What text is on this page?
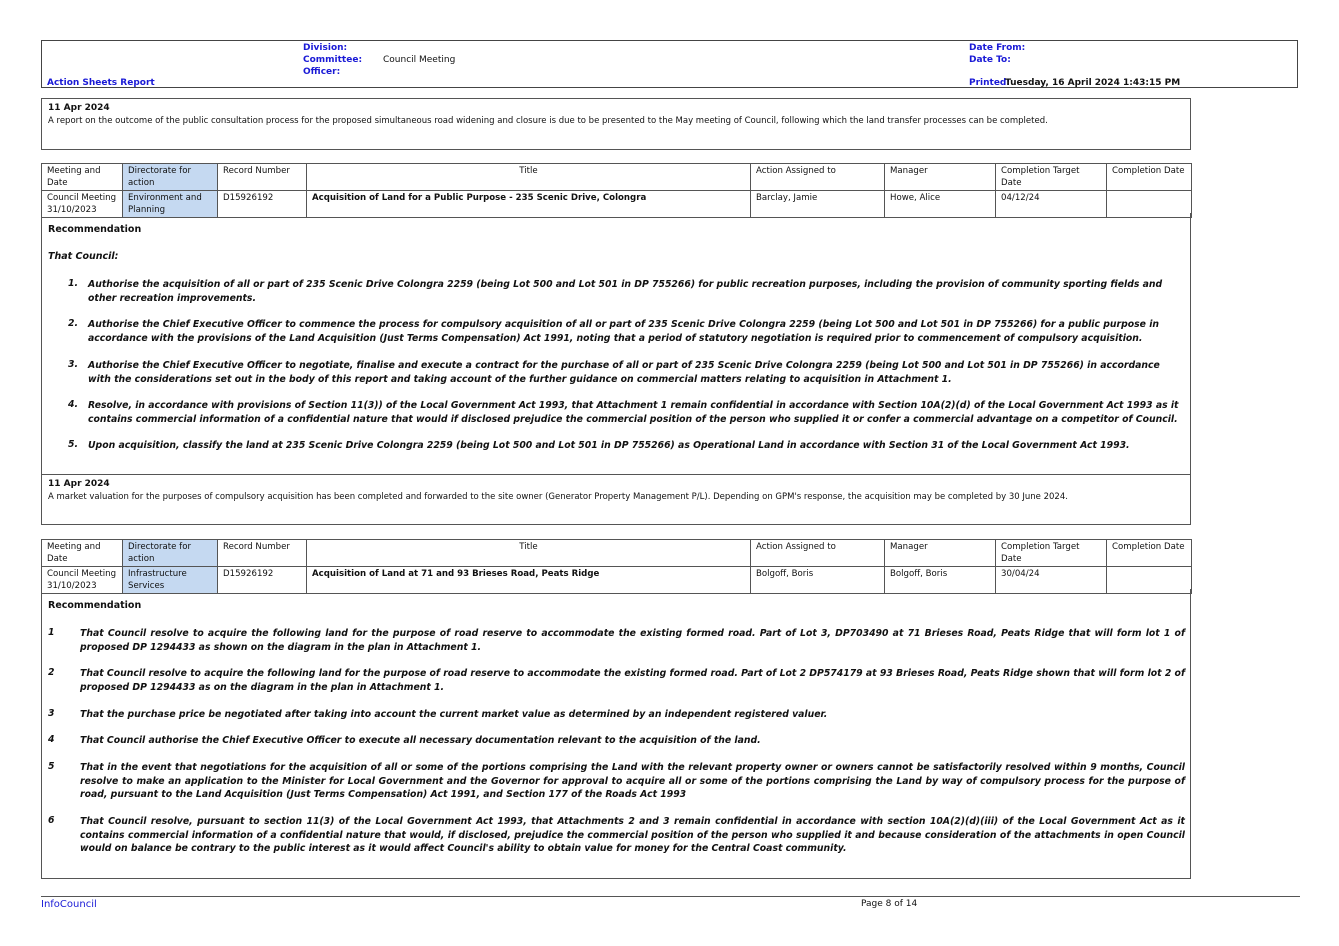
Division:
Committee: Council Meeting
Officer:
Action Sheets Report
Date From:
Date To:
Printed:
Tuesday, 16 April 2024 1:43:15 PM
11 Apr 2024
A report on the outcome of the public consultation process for the proposed simultaneous road widening and closure is due to be presented to the May meeting of Council, following which the land transfer processes can be completed.
Meeting and Date	Directorate for action	Record Number	Title	Action Assigned to	Manager	Completion Target Date	Completion Date
Council Meeting 31/10/2023	Environment and Planning	D15926192	Acquisition of Land for a Public Purpose - 235 Scenic Drive, Colongra	Barclay, Jamie	Howe, Alice	04/12/24	
Recommendation
That Council:
1. Authorise the acquisition of all or part of 235 Scenic Drive Colongra 2259 (being Lot 500 and Lot 501 in DP 755266) for public recreation purposes, including the provision of community sporting fields and other recreation improvements.
2. Authorise the Chief Executive Officer to commence the process for compulsory acquisition of all or part of 235 Scenic Drive Colongra 2259 (being Lot 500 and Lot 501 in DP 755266) for a public purpose in accordance with the provisions of the Land Acquisition (Just Terms Compensation) Act 1991, noting that a period of statutory negotiation is required prior to commencement of compulsory acquisition.
3. Authorise the Chief Executive Officer to negotiate, finalise and execute a contract for the purchase of all or part of 235 Scenic Drive Colongra 2259 (being Lot 500 and Lot 501 in DP 755266) in accordance with the considerations set out in the body of this report and taking account of the further guidance on commercial matters relating to acquisition in Attachment 1.
4. Resolve, in accordance with provisions of Section 11(3)) of the Local Government Act 1993, that Attachment 1 remain confidential in accordance with Section 10A(2)(d) of the Local Government Act 1993 as it contains commercial information of a confidential nature that would if disclosed prejudice the commercial position of the person who supplied it or confer a commercial advantage on a competitor of Council.
5. Upon acquisition, classify the land at 235 Scenic Drive Colongra 2259 (being Lot 500 and Lot 501 in DP 755266) as Operational Land in accordance with Section 31 of the Local Government Act 1993.
11 Apr 2024
A market valuation for the purposes of compulsory acquisition has been completed and forwarded to the site owner (Generator Property Management P/L). Depending on GPM's response, the acquisition may be completed by 30 June 2024.
Meeting and Date	Directorate for action	Record Number	Title	Action Assigned to	Manager	Completion Target Date	Completion Date
Council Meeting 31/10/2023	Infrastructure Services	D15926192	Acquisition of Land at 71 and 93 Brieses Road, Peats Ridge	Bolgoff, Boris	Bolgoff, Boris	30/04/24	
Recommendation
1	That Council resolve to acquire the following land for the purpose of road reserve to accommodate the existing formed road. Part of Lot 3, DP703490 at 71 Brieses Road, Peats Ridge that will form lot 1 of proposed DP 1294433 as shown on the diagram in the plan in Attachment 1.
2	That Council resolve to acquire the following land for the purpose of road reserve to accommodate the existing formed road. Part of Lot 2 DP574179 at 93 Brieses Road, Peats Ridge shown that will form lot 2 of proposed DP 1294433 as on the diagram in the plan in Attachment 1.
3	That the purchase price be negotiated after taking into account the current market value as determined by an independent registered valuer.
4	That Council authorise the Chief Executive Officer to execute all necessary documentation relevant to the acquisition of the land.
5	That in the event that negotiations for the acquisition of all or some of the portions comprising the Land with the relevant property owner or owners cannot be satisfactorily resolved within 9 months, Council resolve to make an application to the Minister for Local Government and the Governor for approval to acquire all or some of the portions comprising the Land by way of compulsory process for the purpose of road, pursuant to the Land Acquisition (Just Terms Compensation) Act 1991, and Section 177 of the Roads Act 1993
6	That Council resolve, pursuant to section 11(3) of the Local Government Act 1993, that Attachments 2 and 3 remain confidential in accordance with section 10A(2)(d)(iii) of the Local Government Act as it contains commercial information of a confidential nature that would, if disclosed, prejudice the commercial position of the person who supplied it and because consideration of the attachments in open Council would on balance be contrary to the public interest as it would affect Council's ability to obtain value for money for the Central Coast community.
InfoCouncil	Page 8 of 14
